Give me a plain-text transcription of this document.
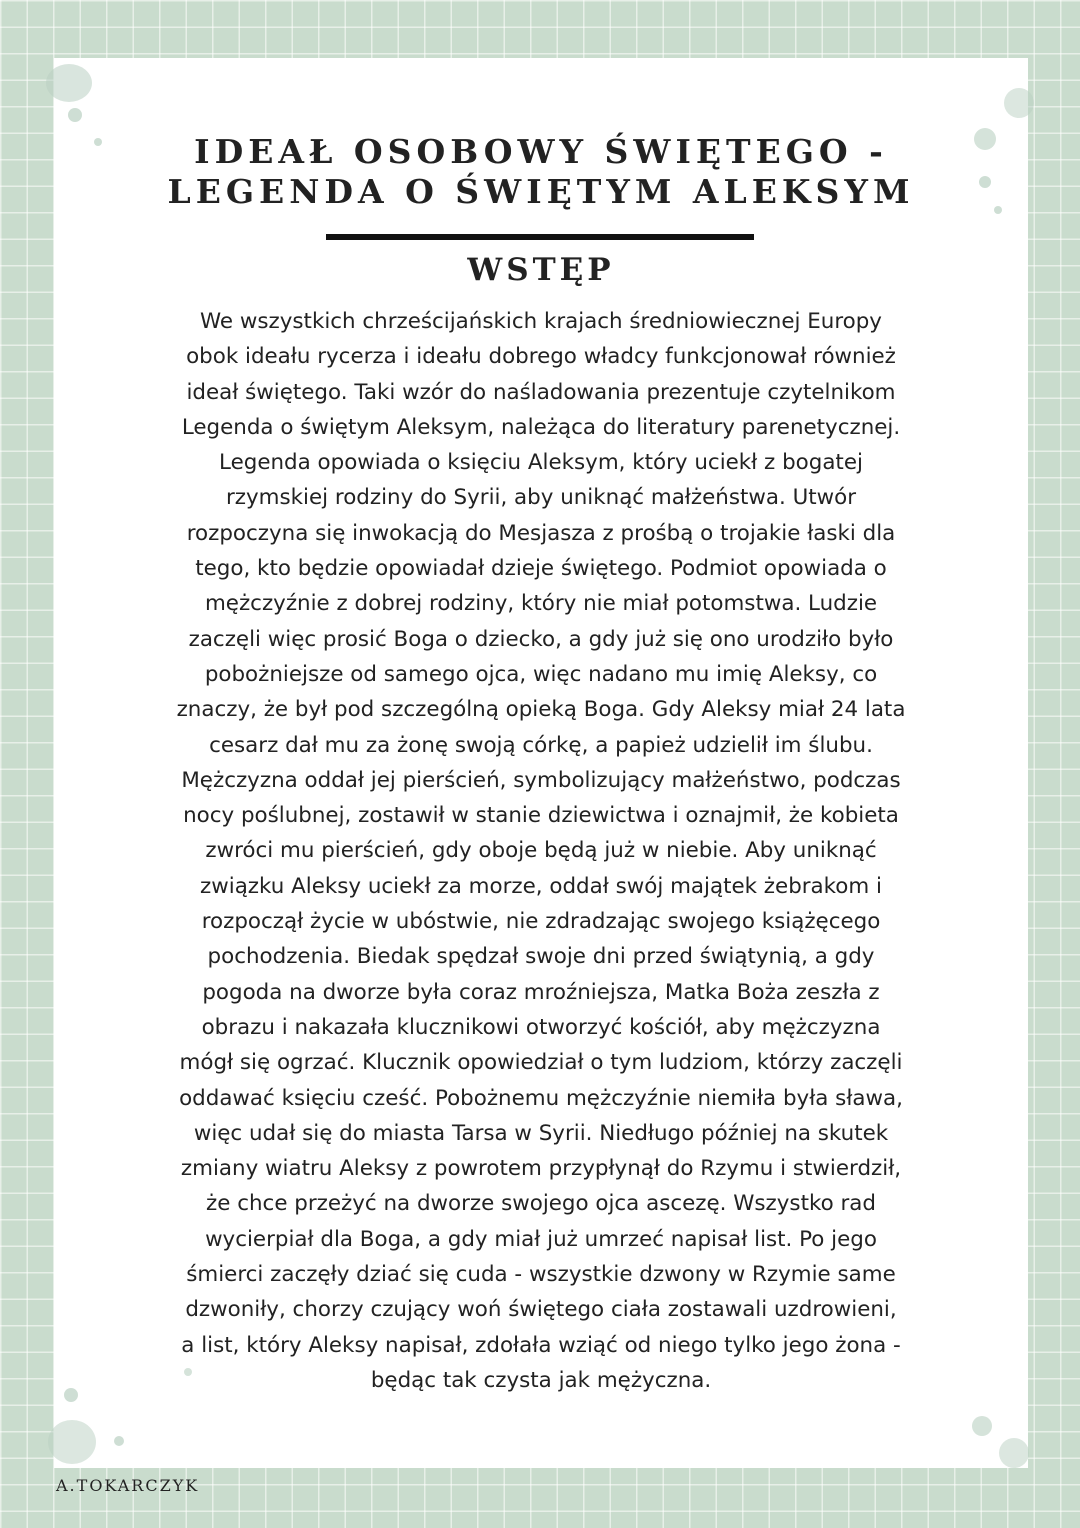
IDEAŁ OSOBOWY ŚWIĘTEGO -
LEGENDA O ŚWIĘTYM ALEKSYM
WSTĘP

We wszystkich chrześcijańskich krajach średniowiecznej Europy
obok ideału rycerza i ideału dobrego władcy funkcjonował również
ideał świętego. Taki wzór do naśladowania prezentuje czytelnikom
Legenda o świętym Aleksym, należąca do literatury parenetycznej.
Legenda opowiada o księciu Aleksym, który uciekł z bogatej
rzymskiej rodziny do Syrii, aby uniknąć małżeństwa. Utwór
rozpoczyna się inwokacją do Mesjasza z prośbą o trojakie łaski dla
tego, kto będzie opowiadał dzieje świętego. Podmiot opowiada o
mężczyźnie z dobrej rodziny, który nie miał potomstwa. Ludzie
zaczęli więc prosić Boga o dziecko, a gdy już się ono urodziło było
pobożniejsze od samego ojca, więc nadano mu imię Aleksy, co
znaczy, że był pod szczególną opieką Boga. Gdy Aleksy miał 24 lata
cesarz dał mu za żonę swoją córkę, a papież udzielił im ślubu.
Mężczyzna oddał jej pierścień, symbolizujący małżeństwo, podczas
nocy poślubnej, zostawił w stanie dziewictwa i oznajmił, że kobieta
zwróci mu pierścień, gdy oboje będą już w niebie. Aby uniknąć
związku Aleksy uciekł za morze, oddał swój majątek żebrakom i
rozpoczął życie w ubóstwie, nie zdradzając swojego książęcego
pochodzenia. Biedak spędzał swoje dni przed świątynią, a gdy
pogoda na dworze była coraz mroźniejsza, Matka Boża zeszła z
obrazu i nakazała klucznikowi otworzyć kościół, aby mężczyzna
mógł się ogrzać. Klucznik opowiedział o tym ludziom, którzy zaczęli
oddawać księciu cześć. Pobożnemu mężczyźnie niemiła była sława,
więc udał się do miasta Tarsa w Syrii. Niedługo później na skutek
zmiany wiatru Aleksy z powrotem przypłynął do Rzymu i stwierdził,
że chce przeżyć na dworze swojego ojca ascezę. Wszystko rad
wycierpiał dla Boga, a gdy miał już umrzeć napisał list. Po jego
śmierci zaczęły dziać się cuda - wszystkie dzwony w Rzymie same
dzwoniły, chorzy czujący woń świętego ciała zostawali uzdrowieni,
a list, który Aleksy napisał, zdołała wziąć od niego tylko jego żona -
będąc tak czysta jak mężyczna.

A.TOKARCZYK
